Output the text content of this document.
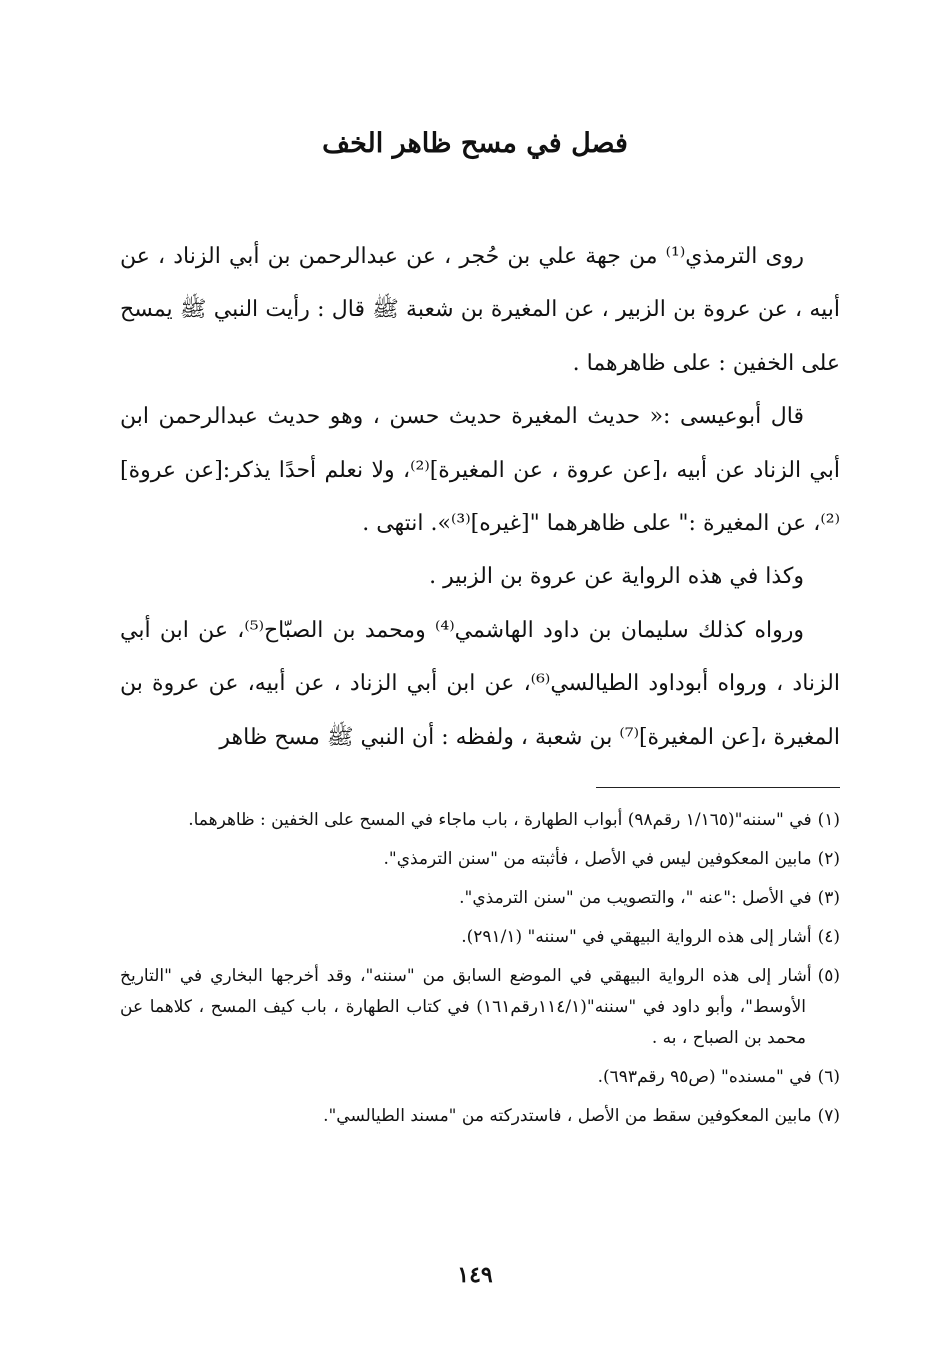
فصل في مسح ظاهر الخف

روى الترمذي⁽¹⁾ من جهة علي بن حُجر ، عن عبدالرحمن بن أبي الزناد ، عن أبيه ، عن عروة بن الزبير ، عن المغيرة بن شعبة ﷺ قال : رأيت النبي ﷺ يمسح على الخفين : على ظاهرهما .

قال أبوعيسى :« حديث المغيرة حديث حسن ، وهو حديث عبدالرحمن ابن أبي الزناد عن أبيه ،[عن عروة ، عن المغيرة]⁽²⁾، ولا نعلم أحدًا يذكر:[عن عروة]⁽²⁾، عن المغيرة :" على ظاهرهما "[غيره]⁽³⁾». انتهى .

وكذا في هذه الرواية عن عروة بن الزبير .

ورواه كذلك سليمان بن داود الهاشمي⁽⁴⁾ ومحمد بن الصبّاح⁽⁵⁾، عن ابن أبي الزناد ، ورواه أبوداود الطيالسي⁽⁶⁾، عن ابن أبي الزناد ، عن أبيه، عن عروة بن المغيرة ،[عن المغيرة]⁽⁷⁾ بن شعبة ، ولفظه : أن النبي ﷺ مسح ظاهر

(١)في "سننه"(١/١٦٥ رقم٩٨) أبواب الطهارة ، باب ماجاء في المسح على الخفين : ظاهرهما.

(٢)مابين المعكوفين ليس في الأصل ، فأثبته من "سنن الترمذي".

(٣)في الأصل :"عنه "، والتصويب من "سنن الترمذي".

(٤)أشار إلى هذه الرواية البيهقي في "سننه" (٢٩١/١).

(٥)أشار إلى هذه الرواية البيهقي في الموضع السابق من "سننه"، وقد أخرجها البخاري في "التاريخ الأوسط"، وأبو داود في "سننه"(١١٤/١رقم١٦١) في كتاب الطهارة ، باب كيف المسح ، كلاهما عن محمد بن الصباح ، به .

(٦)في "مسنده" (ص٩٥ رقم٦٩٣).

(٧)مابين المعكوفين سقط من الأصل ، فاستدركته من "مسند الطيالسي".

١٤٩
